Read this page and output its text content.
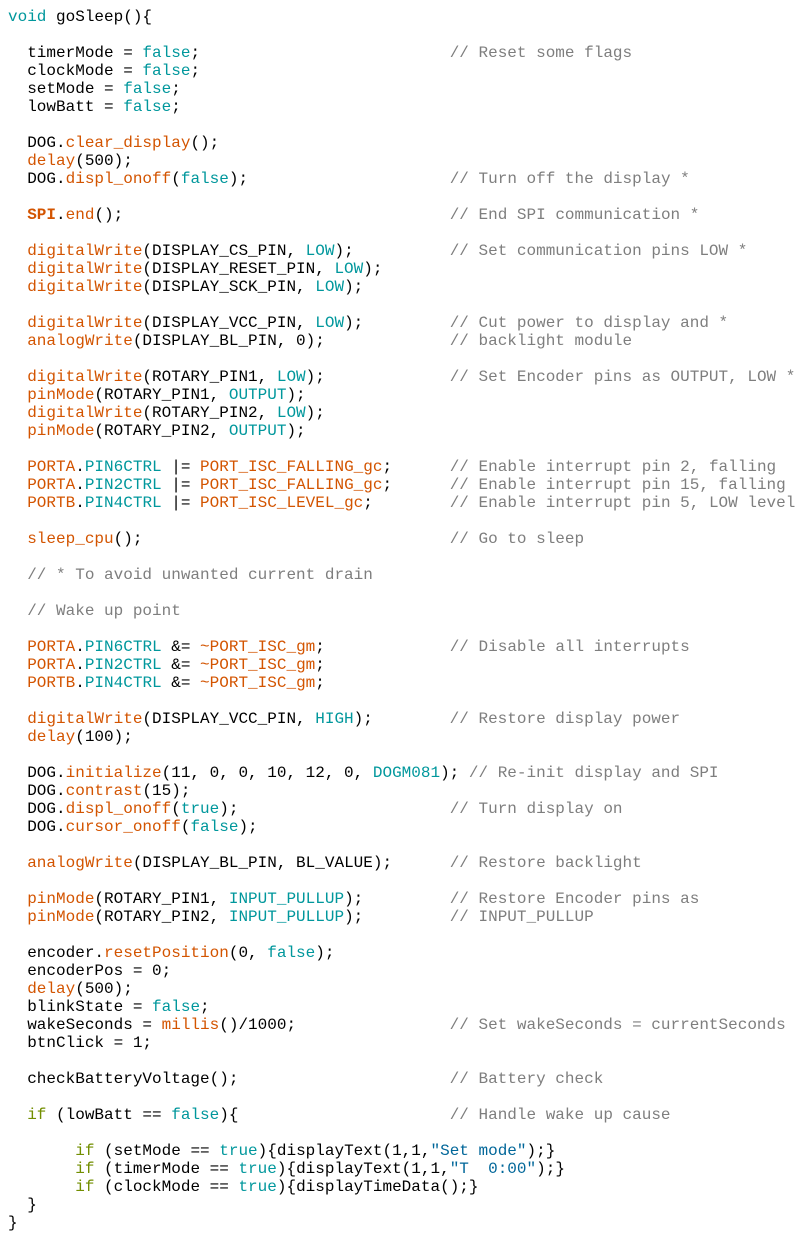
void goSleep(){
timerMode = false;	// Reset some flags
clockMode = false;
setMode = false;
lowBatt = false;
DOG.clear_display();
delay(500);
DOG.displ_onoff(false);	// Turn off the display *
SPI.end();	// End SPI communication *
digitalWrite(DISPLAY_CS_PIN, LOW);	// Set communication pins LOW *
digitalWrite(DISPLAY_RESET_PIN, LOW);
digitalWrite(DISPLAY_SCK_PIN, LOW);
digitalWrite(DISPLAY_VCC_PIN, LOW);	// Cut power to display and *
analogWrite(DISPLAY_BL_PIN, 0);	// backlight module
digitalWrite(ROTARY_PIN1, LOW);	// Set Encoder pins as OUTPUT, LOW *
pinMode(ROTARY_PIN1, OUTPUT);
digitalWrite(ROTARY_PIN2, LOW);
pinMode(ROTARY_PIN2, OUTPUT);
PORTA.PIN6CTRL |= PORT_ISC_FALLING_gc;	// Enable interrupt pin 2, falling
PORTA.PIN2CTRL |= PORT_ISC_FALLING_gc;	// Enable interrupt pin 15, falling
PORTB.PIN4CTRL |= PORT_ISC_LEVEL_gc;	// Enable interrupt pin 5, LOW level
sleep_cpu();	// Go to sleep
// * To avoid unwanted current drain
// Wake up point
PORTA.PIN6CTRL &= ~PORT_ISC_gm;	// Disable all interrupts
PORTA.PIN2CTRL &= ~PORT_ISC_gm;
PORTB.PIN4CTRL &= ~PORT_ISC_gm;
digitalWrite(DISPLAY_VCC_PIN, HIGH);	// Restore display power
delay(100);
DOG.initialize(11, 0, 0, 10, 12, 0, DOGM081); // Re-init display and SPI
DOG.contrast(15);
DOG.displ_onoff(true);	// Turn display on
DOG.cursor_onoff(false);
analogWrite(DISPLAY_BL_PIN, BL_VALUE);	// Restore backlight
pinMode(ROTARY_PIN1, INPUT_PULLUP);	// Restore Encoder pins as
pinMode(ROTARY_PIN2, INPUT_PULLUP);	// INPUT_PULLUP
encoder.resetPosition(0, false);
encoderPos = 0;
delay(500);
blinkState = false;
wakeSeconds = millis()/1000;	// Set wakeSeconds = currentSeconds
btnClick = 1;
checkBatteryVoltage();	// Battery check
if (lowBatt == false){	// Handle wake up cause
if (setMode == true){displayText(1,1,"Set mode");}
if (timerMode == true){displayText(1,1,"T  0:00");}
if (clockMode == true){displayTimeData();}
}
}
